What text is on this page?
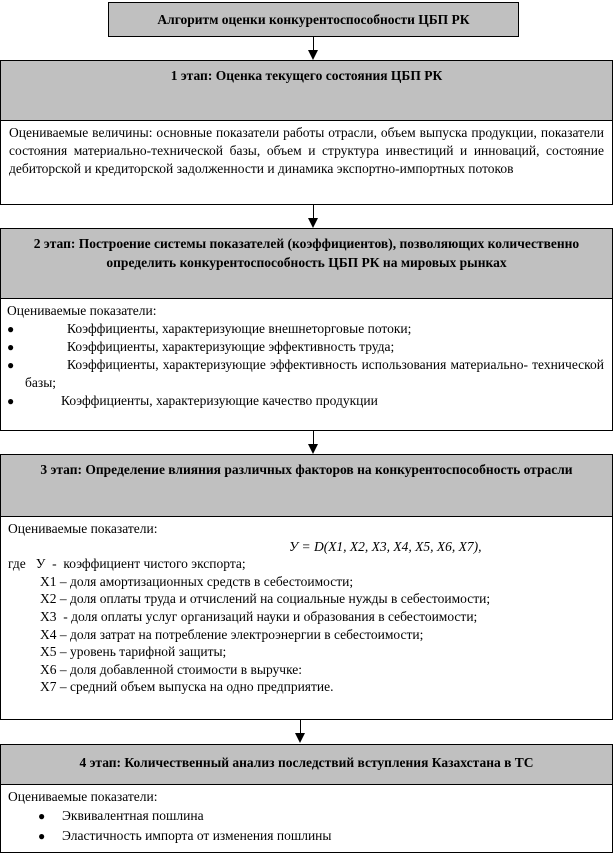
Алгоритм оценки конкурентоспособности ЦБП РК
1 этап: Оценка текущего состояния ЦБП РК
Оцениваемые величины: основные показатели работы отрасли, объем выпуска продукции, показатели состояния материально-технической базы, объем и структура инвестиций и инноваций, состояние дебиторской и кредиторской задолженности и динамика экспортно-импортных потоков
2 этап: Построение системы показателей (коэффициентов), позволяющих количественно определить конкурентоспособность ЦБП РК на мировых рынках
Оцениваемые показатели:
●	Коэффициенты, характеризующие внешнеторговые потоки;
●	Коэффициенты, характеризующие эффективность труда;
●	Коэффициенты, характеризующие эффективность использования материально- технической базы;
●	Коэффициенты, характеризующие качество продукции
3 этап: Определение влияния различных факторов на конкурентоспособность отрасли
Оцениваемые показатели:
У = D(X1, X2, X3, X4, X5, X6, X7),
где   У  -  коэффициент чистого экспорта;
X1 – доля амортизационных средств в себестоимости;
X2 – доля оплаты труда и отчислений на социальные нужды в себестоимости;
X3  - доля оплаты услуг организаций науки и образования в себестоимости;
X4 – доля затрат на потребление электроэнергии в себестоимости;
X5 – уровень тарифной защиты;
X6 – доля добавленной стоимости в выручке:
X7 – средний объем выпуска на одно предприятие.
4 этап: Количественный анализ последствий вступления Казахстана в ТС
Оцениваемые показатели:
●	Эквивалентная пошлина
●	Эластичность импорта от изменения пошлины
